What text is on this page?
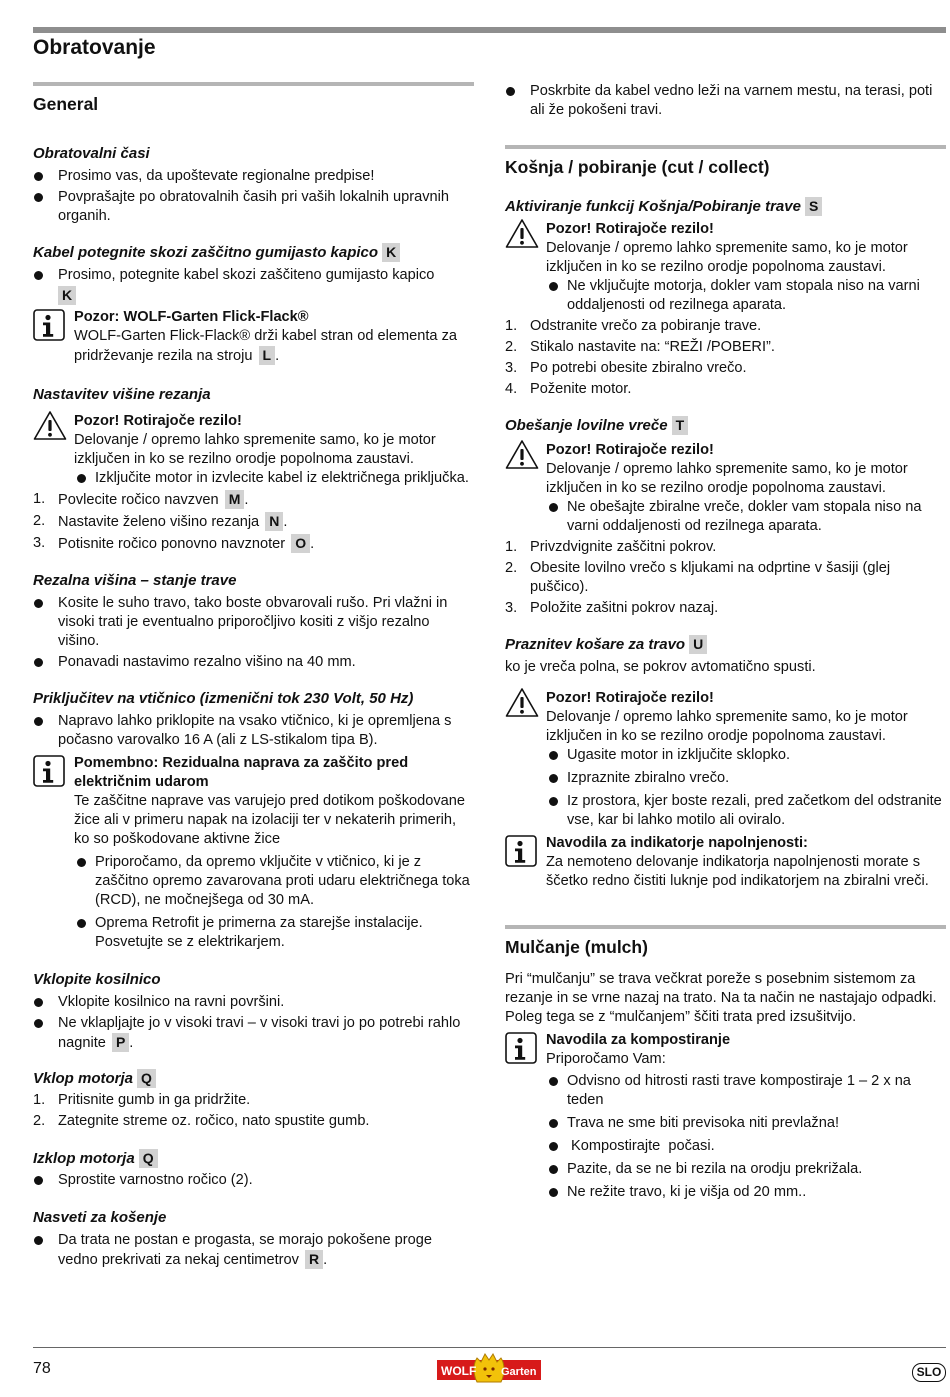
Obratovanje
General
Obratovalni časi
Prosimo vas, da upoštevate regionalne predpise!
Povprašajte po obratovalnih časih pri vaših lokalnih upravnih organih.
Kabel potegnite skozi zaščitno gumijasto kapico K
Prosimo, potegnite kabel skozi zaščiteno gumijasto kapico
K
Pozor: WOLF-Garten Flick-Flack®
WOLF-Garten Flick-Flack® drži kabel stran od elementa za pridrževanje rezila na stroju L .
Nastavitev višine rezanja
Pozor! Rotirajoče rezilo!
Delovanje / opremo lahko spremenite samo, ko je motor izključen in ko se rezilno orodje popolnoma zaustavi.
Izključite motor in izvlecite kabel iz električnega priključka.
1. Povlecite ročico navzven M .
2. Nastavite želeno višino rezanja N .
3. Potisnite ročico ponovno navznoter O .
Rezalna višina – stanje trave
Kosite le suho travo, tako boste obvarovali rušo. Pri vlažni in visoki trati je eventualno priporočljivo kositi z višjo rezalno višino.
Ponavadi nastavimo rezalno višino na 40 mm.
Priključitev na vtičnico (izmenični tok 230 Volt, 50 Hz)
Napravo lahko priklopite na vsako vtičnico, ki je opremljena s počasno varovalko 16 A (ali z LS-stikalom tipa B).
Pomembno: Rezidualna naprava za zaščito pred električnim udarom
Te zaščitne naprave vas varujejo pred dotikom poškodovane žice ali v primeru napak na izolaciji ter v nekaterih primerih, ko so poškodovane aktivne žice
Priporočamo, da opremo vključite v vtičnico, ki je z zaščitno opremo zavarovana proti udaru električnega toka (RCD), ne močnejšega od 30 mA.
Oprema Retrofit je primerna za starejše instalacije. Posvetujte se z elektrikarjem.
Vklopite kosilnico
Vklopite kosilnico na ravni površini.
Ne vklapljajte jo v visoki travi – v visoki travi jo po potrebi rahlo nagnite P .
Vklop motorja Q
1. Pritisnite gumb in ga pridržite.
2. Zategnite streme oz. ročico, nato spustite gumb.
Izklop motorja Q
Sprostite varnostno ročico (2).
Nasveti za košenje
Da trata ne postan e progasta, se morajo pokošene proge vedno prekrivati za nekaj centimetrov R .
Poskrbite da kabel vedno leži na varnem mestu, na terasi, poti ali že pokošeni travi.
Košnja / pobiranje (cut / collect)
Aktiviranje funkcij Košnja/Pobiranje trave S
Pozor! Rotirajoče rezilo!
Delovanje / opremo lahko spremenite samo, ko je motor izključen in ko se rezilno orodje popolnoma zaustavi.
Ne vključujte motorja, dokler vam stopala niso na varni oddaljenosti od rezilnega aparata.
1. Odstranite vrečo za pobiranje trave.
2. Stikalo nastavite na: “REŽI /POBERI”.
3. Po potrebi obesite zbiralno vrečo.
4. Poženite motor.
Obešanje lovilne vreče T
Pozor! Rotirajoče rezilo!
Delovanje / opremo lahko spremenite samo, ko je motor izključen in ko se rezilno orodje popolnoma zaustavi.
Ne obešajte zbiralne vreče, dokler vam stopala niso na varni oddaljenosti od rezilnega aparata.
1. Privzdvignite zaščitni pokrov.
2. Obesite lovilno vrečo s kljukami na odprtine v šasiji (glej puščico).
3. Položite zašitni pokrov nazaj.
Praznitev košare za travo U

ko je vreča polna, se pokrov avtomatično spusti.

Pozor! Rotirajoče rezilo!
Delovanje / opremo lahko spremenite samo, ko je motor izključen in ko se rezilno orodje popolnoma zaustavi.
Ugasite motor in izključite sklopko.
Izpraznite zbiralno vrečo.
Iz prostora, kjer boste rezali, pred začetkom del odstranite vse, kar bi lahko motilo ali oviralo.
Navodila za indikatorje napolnjenosti:
Za nemoteno delovanje indikatorja napolnjenosti morate s ščetko redno čistiti luknje pod indikatorjem na zbiralni vreči.
Mulčanje (mulch)

Pri “mulčanju” se trava večkrat poreže s posebnim sistemom za rezanje in se vrne nazaj na trato. Na ta način ne nastajajo odpadki. Poleg tega se z “mulčanjem” ščiti trata pred izsušitvijo.

Navodila za kompostiranje
Priporočamo Vam:
Odvisno od hitrosti rasti trave kompostiraje 1 – 2 x na teden
Trava ne sme biti previsoka niti prevlažna!
Kompostirajte  počasi.
Pazite, da se ne bi rezila na orodju prekrižala.
Ne režite travo, ki je višja od 20 mm..
78	WOLF Garten	SLO
